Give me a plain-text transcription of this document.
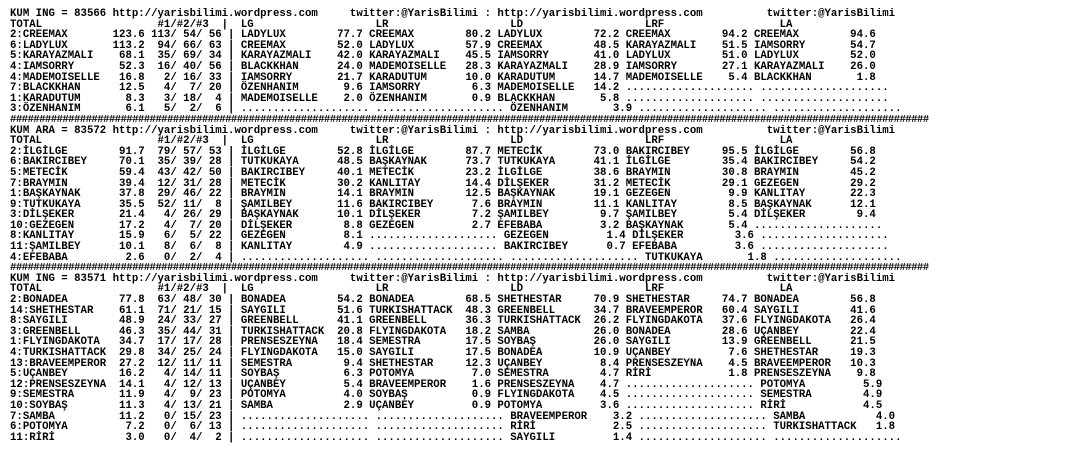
KUM ING = 83566 http://yarisbilimi.wordpress.com     twitter:@YarisBilimi : http://yarisbilimi.wordpress.com          twitter:@YarisBilimi
TOTAL                  #1/#2/#3  |  LG                   LR                   LD                   LRF                  LA
2:CREEMAX       123.6 113/ 54/ 56 | LADYLUX        77.7 CREEMAX        80.2 LADYLUX        72.2 CREEMAX        94.2 CREEMAX        94.6
6:LADYLUX       113.2  94/ 66/ 63 | CREEMAX        52.0 LADYLUX        57.9 CREEMAX        48.5 KARAYAZMALI    51.5 IAMSORRY       54.7
5:KARAYAZMALI    68.1  35/ 69/ 34 | KARAYAZMALI    42.0 KARAYAZMALI    45.5 IAMSORRY       41.0 LADYLUX        51.0 LADYLUX        52.0
4:IAMSORRY       52.3  16/ 40/ 56 | BLACKKHAN      24.0 MADEMOISELLE   28.3 KARAYAZMALI    28.9 IAMSORRY       27.1 KARAYAZMALI    26.0
4:MADEMOISELLE   16.8   2/ 16/ 33 | IAMSORRY       21.7 KARADUTUM      10.0 KARADUTUM      14.7 MADEMOISELLE    5.4 BLACKKHAN       1.8
7:BLACKKHAN      12.5   4/  7/ 20 | ÖZENHANIM       9.6 IAMSORRY        6.3 MADEMOISELLE   14.2 .................... ....................
1:KARADUTUM       8.3   3/ 18/  4 | MADEMOISELLE    2.0 ÖZENHANIM       0.9 BLACKKHAN       5.8 .................... ....................
3:ÖZENHANIM       6.1   5/  2/  6 | .................... .................... ÖZENHANIM       3.9 .................... ....................
##############################################################################################################################################################
KUM ARA = 83572 http://yarisbilimi.wordpress.com     twitter:@YarisBilimi : http://yarisbilimi.wordpress.com          twitter:@YarisBilimi
TOTAL                  #1/#2/#3  |  LG                   LR                   LD                   LRF                  LA
2:İLGİLGE        91.7  79/ 57/ 53 | İLGİLGE        52.8 İLGİLGE        87.7 METECİK        73.0 BAKIRCIBEY     95.5 İLGİLGE        56.8
6:BAKIRCIBEY     70.1  35/ 39/ 28 | TUTKUKAYA      48.5 BAŞKAYNAK      73.7 TUTKUKAYA      41.1 İLGİLGE        35.4 BAKIRCIBEY     54.2
5:METECİK        59.4  43/ 42/ 50 | BAKIRCIBEY     40.1 METECİK        23.2 İLGİLGE        38.6 BRAYMIN        30.8 BRAYMIN        45.2
7:BRAYMIN        39.4  12/ 31/ 28 | METECİK        30.2 KANLITAY       14.4 DİLŞEKER       31.2 METECİK        29.1 GEZEGEN        29.2
1:BAŞKAYNAK      37.8  29/ 46/ 22 | BRAYMIN        14.1 BRAYMIN        12.5 BAŞKAYNAK      19.1 GEZEGEN         9.9 KANLITAY       22.3
9:TUTKUKAYA      35.5  52/ 11/  8 | ŞAMILBEY       11.6 BAKIRCIBEY      7.6 BRAYMIN        11.1 KANLITAY        8.5 BAŞKAYNAK      12.1
3:DİLŞEKER       21.4   4/ 26/ 29 | BAŞKAYNAK      10.1 DİLŞEKER        7.2 ŞAMILBEY        9.7 ŞAMILBEY        5.4 DİLŞEKER        9.4
10:GEZEGEN       17.2   4/  7/ 20 | DİLŞEKER        8.8 GEZEGEN         2.7 EFEBABA         3.2 BAŞKAYNAK       5.4 ....................
8:KANLITAY       15.9   6/  5/ 22 | GEZEGEN         8.1 .................... GEZEGEN         1.4 DİLŞEKER        3.6 ....................
11:ŞAMILBEY      10.1   8/  6/  8 | KANLITAY        4.9 .................... BAKIRCIBEY      0.7 EFEBABA         3.6 ....................
4:EFEBABA         2.6   0/  2/  4 | .................... .................... .................... TUTKUKAYA       1.8 ....................
##############################################################################################################################################################
KUM ING = 83571 http://yarisbilimi.wordpress.com     twitter:@YarisBilimi : http://yarisbilimi.wordpress.com          twitter:@YarisBilimi
TOTAL                  #1/#2/#3  |  LG                   LR                   LD                   LRF                  LA
2:BONADEA        77.8  63/ 48/ 30 | BONADEA        54.2 BONADEA        68.5 SHETHESTAR     70.9 SHETHESTAR     74.7 BONADEA        56.8
14:SHETHESTAR    61.1  71/ 21/ 15 | SAYGILI        51.6 TURKISHATTACK  48.3 GREENBELL      34.7 BRAVEEMPEROR   60.4 SAYGILI        41.6
8:SAYGILI        48.9  24/ 33/ 27 | GREENBELL      41.1 GREENBELL      36.3 TURKISHATTACK  26.2 FLYINGDAKOTA   37.6 FLYINGDAKOTA   26.4
3:GREENBELL      46.3  35/ 44/ 31 | TURKISHATTACK  20.8 FLYINGDAKOTA   18.2 SAMBA          26.0 BONADEA        28.6 UÇANBEY        22.4
1:FLYINGDAKOTA   34.7  17/ 17/ 28 | PRENSESZEYNA   18.4 SEMESTRA       17.5 SOYBAŞ         26.0 SAYGILI        13.9 GREENBELL      21.5
4:TURKISHATTACK  29.8  34/ 25/ 24 | FLYINGDAKOTA   15.0 SAYGILI        17.5 BONADEA        10.9 UÇANBEY         7.6 SHETHESTAR     19.3
13:BRAVEEMPEROR  27.2  12/ 11/ 11 | SEMESTRA        9.4 SHETHESTAR     12.3 UÇANBEY         8.4 PRENSESZEYNA    4.5 BRAVEEMPEROR   10.3
5:UÇANBEY        16.2   4/ 14/ 11 | SOYBAŞ          6.3 POTOMYA         7.0 SEMESTRA        4.7 RİRİ            1.8 PRENSESZEYNA    9.8
12:PRENSESZEYNA  14.1   4/ 12/ 13 | UÇANBEY         5.4 BRAVEEMPEROR    1.6 PRENSESZEYNA    4.7 .................... POTOMYA         5.9
9:SEMESTRA       11.9   4/  9/ 23 | POTOMYA         4.0 SOYBAŞ          0.9 FLYINGDAKOTA    4.5 .................... SEMESTRA        4.9
10:SOYBAŞ        11.3   4/ 13/ 21 | SAMBA           2.9 UÇANBEY         0.9 POTOMYA         3.6 .................... RİRİ            4.5
7:SAMBA          11.2   0/ 15/ 23 | .................... .................... BRAVEEMPEROR    3.2 .................... SAMBA           4.0
6:POTOMYA         7.2   0/  6/ 13 | .................... .................... RİRİ            2.5 .................... TURKISHATTACK   1.8
11:RİRİ           3.0   0/  4/  2 | .................... .................... SAYGILI         1.4 .................... ....................
